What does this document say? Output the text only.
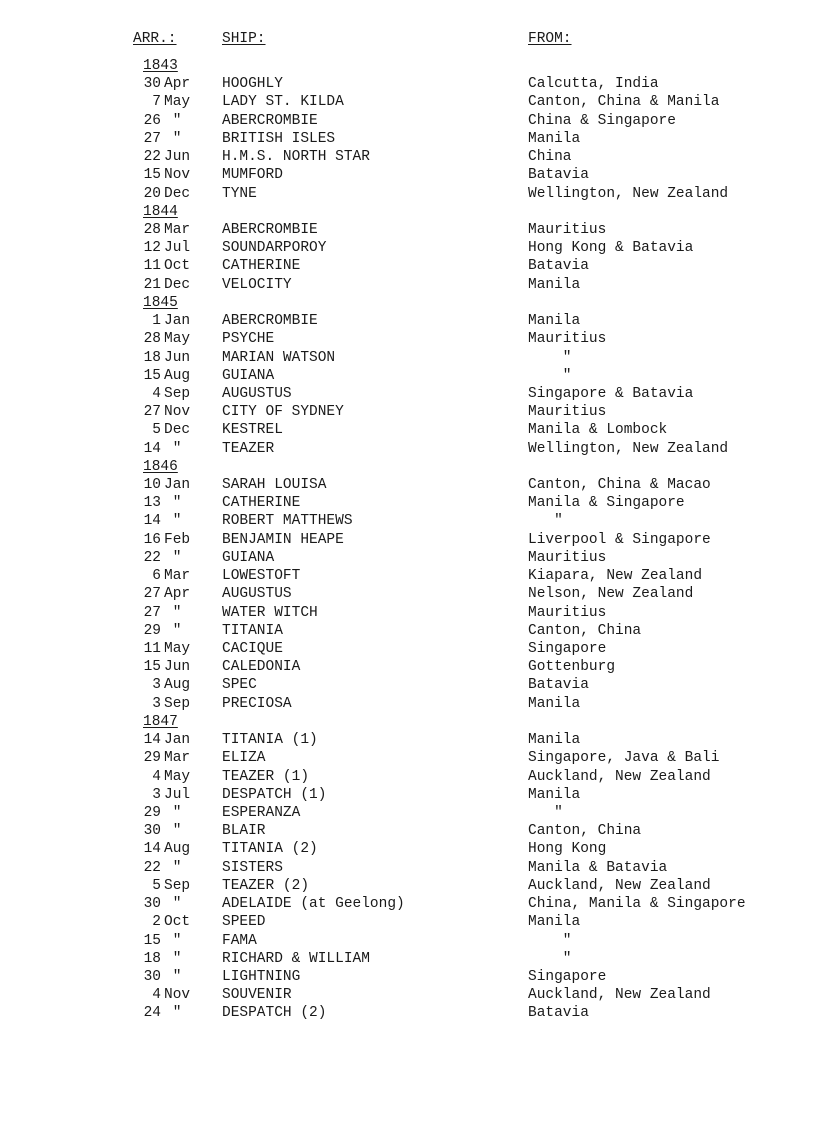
ARR.:	SHIP:	FROM:
1843
30 Apr HOOGHLY	Calcutta, India
7 May LADY ST. KILDA	Canton, China & Manila
26 "	ABERCROMBIE	China & Singapore
27 "	BRITISH ISLES	Manila
22 Jun H.M.S. NORTH STAR	China
15 Nov MUMFORD	Batavia
20 Dec TYNE	Wellington, New Zealand
1844
28 Mar ABERCROMBIE	Mauritius
12 Jul SOUNDARPOROY	Hong Kong & Batavia
11 Oct CATHERINE	Batavia
21 Dec VELOCITY	Manila
1845
1 Jan ABERCROMBIE	Manila
28 May PSYCHE	Mauritius
18 Jun MARIAN WATSON	"
15 Aug GUIANA	"
4 Sep AUGUSTUS	Singapore & Batavia
27 Nov CITY OF SYDNEY	Mauritius
5 Dec KESTREL	Manila & Lombock
14 "	TEAZER	Wellington, New Zealand
1846
10 Jan SARAH LOUISA	Canton, China & Macao
13 "	CATHERINE	Manila & Singapore
14 "	ROBERT MATTHEWS	"
16 Feb BENJAMIN HEAPE	Liverpool & Singapore
22 "	GUIANA	Mauritius
6 Mar LOWESTOFT	Kiapara, New Zealand
27 Apr AUGUSTUS	Nelson, New Zealand
27 "	WATER WITCH	Mauritius
29 "	TITANIA	Canton, China
11 May CACIQUE	Singapore
15 Jun CALEDONIA	Gottenburg
3 Aug SPEC	Batavia
3 Sep PRECIOSA	Manila
1847
14 Jan TITANIA (1)	Manila
29 Mar ELIZA	Singapore, Java & Bali
4 May TEAZER (1)	Auckland, New Zealand
3 Jul DESPATCH (1)	Manila
29 "	ESPERANZA	"
30 "	BLAIR	Canton, China
14 Aug TITANIA (2)	Hong Kong
22 "	SISTERS	Manila & Batavia
5 Sep TEAZER (2)	Auckland, New Zealand
30 "	ADELAIDE (at Geelong)	China, Manila & Singapore
2 Oct SPEED	Manila
15 "	FAMA	"
18 "	RICHARD & WILLIAM	"
30 "	LIGHTNING	Singapore
4 Nov SOUVENIR	Auckland, New Zealand
24 "	DESPATCH (2)	Batavia
